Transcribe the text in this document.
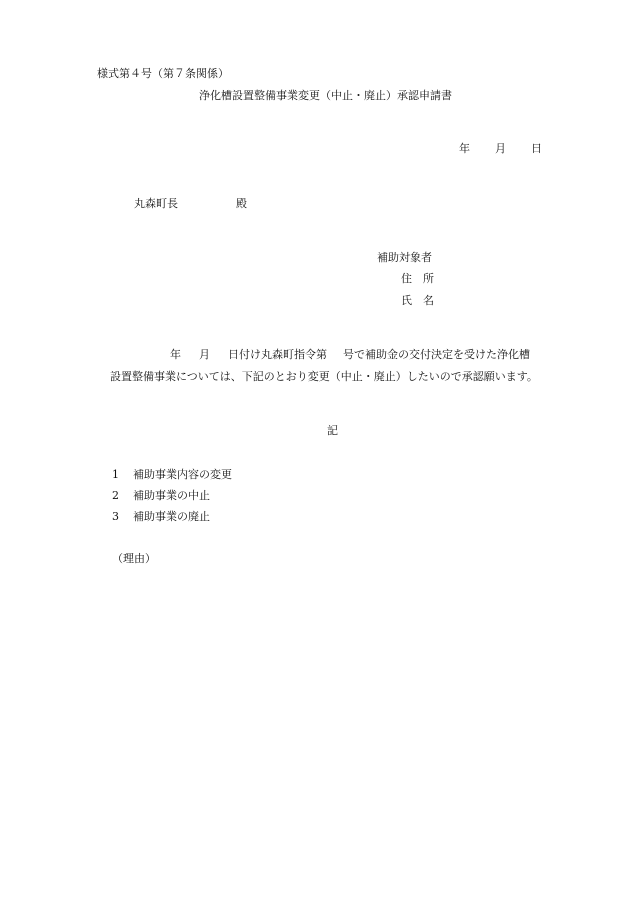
様式第４号（第７条関係）
浄化槽設置整備事業変更（中止・廃止）承認申請書
年 月 日
丸森町長	殿
補助対象者
住　所
氏　名
年 月 日付け丸森町指令第 号で補助金の交付決定を受けた浄化槽
設置整備事業については、下記のとおり変更（中止・廃止）したいので承認願います。
記
1 補助事業内容の変更
2 補助事業の中止
3 補助事業の廃止
（理由）
